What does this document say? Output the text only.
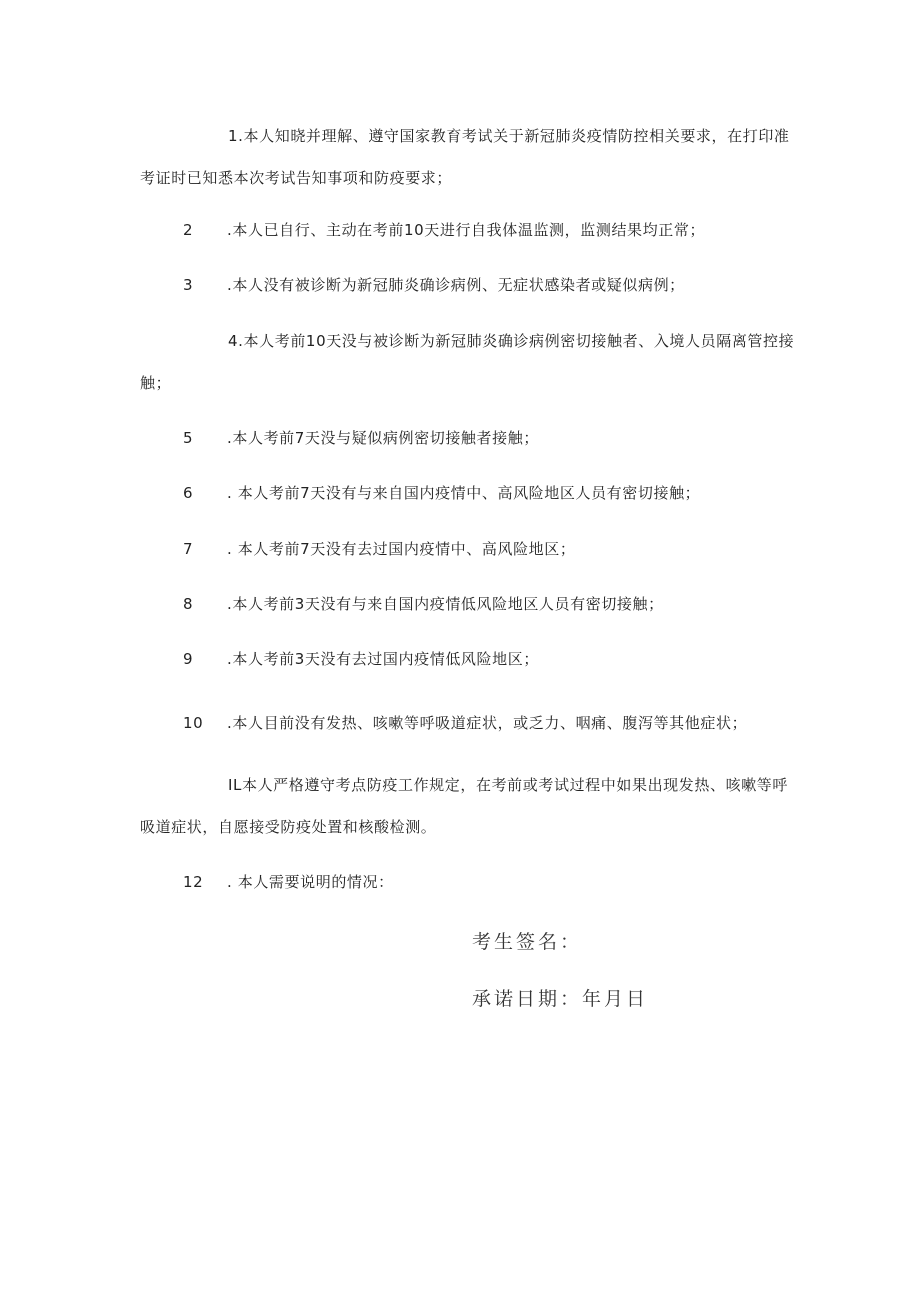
1.本人知晓并理解、遵守国家教育考试关于新冠肺炎疫情防控相关要求，在打印准考证时已知悉本次考试告知事项和防疫要求；
2 .本人已自行、主动在考前10天进行自我体温监测，监测结果均正常；
3 .本人没有被诊断为新冠肺炎确诊病例、无症状感染者或疑似病例；
4.本人考前10天没与被诊断为新冠肺炎确诊病例密切接触者、入境人员隔离管控接触；
5 .本人考前7天没与疑似病例密切接触者接触；
6 . 本人考前7天没有与来自国内疫情中、高风险地区人员有密切接触；
7 . 本人考前7天没有去过国内疫情中、高风险地区；
8 .本人考前3天没有与来自国内疫情低风险地区人员有密切接触；
9 .本人考前3天没有去过国内疫情低风险地区；
10 .本人目前没有发热、咳嗽等呼吸道症状，或乏力、咽痛、腹泻等其他症状；
IL本人严格遵守考点防疫工作规定，在考前或考试过程中如果出现发热、咳嗽等呼吸道症状，自愿接受防疫处置和核酸检测。
12 . 本人需要说明的情况：
考生签名：
承诺日期：年月日
